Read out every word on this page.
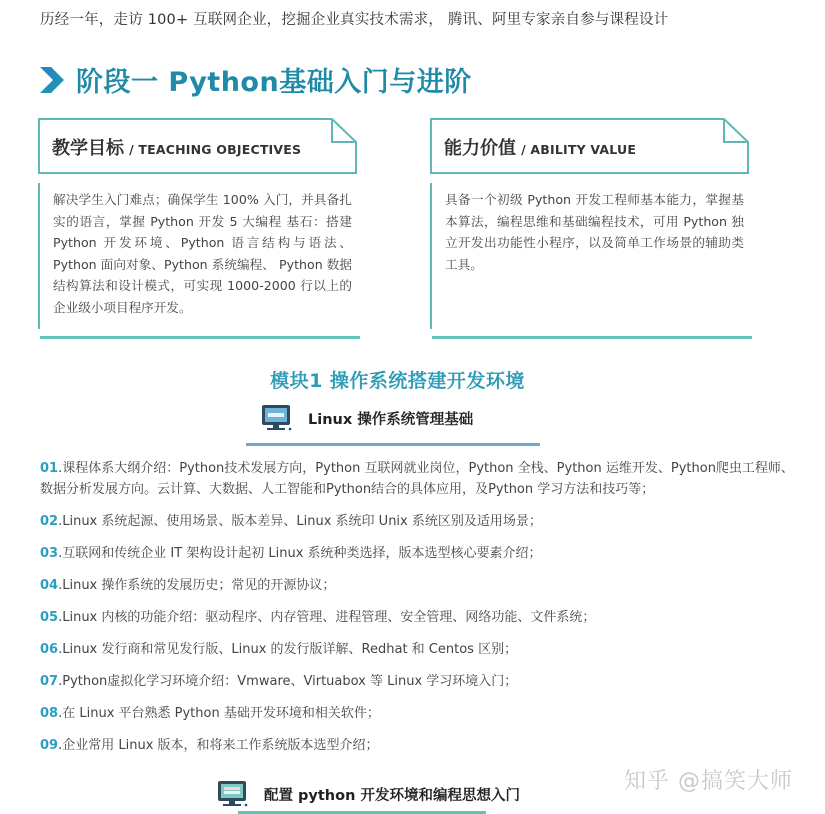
历经一年，走访 100+ 互联网企业，挖掘企业真实技术需求， 腾讯、阿里专家亲自参与课程设计
阶段一 Python基础入门与进阶
教学目标 / TEACHING OBJECTIVES
解决学生入门难点；确保学生 100% 入门，并具备扎实的语言，掌握 Python 开发 5 大编程 基石：搭建 Python 开发环境、Python 语言结构与语法、Python 面向对象、Python 系统编程、 Python 数据结构算法和设计模式，可实现 1000-2000 行以上的企业级小项目程序开发。
能力价值 / ABILITY VALUE
具备一个初级 Python 开发工程师基本能力，掌握基本算法，编程思维和基础编程技术，可用 Python 独立开发出功能性小程序，以及简单工作场景的辅助类工具。
模块1 操作系统搭建开发环境
Linux 操作系统管理基础
01.课程体系大纲介绍：Python技术发展方向，Python 互联网就业岗位，Python 全栈、Python 运维开发、Python爬虫工程师、数据分析发展方向。云计算、大数据、人工智能和Python结合的具体应用，及Python 学习方法和技巧等；
02.Linux 系统起源、使用场景、版本差异、Linux 系统印 Unix 系统区别及适用场景；
03.互联网和传统企业 IT 架构设计起初 Linux 系统种类选择，版本选型核心要素介绍；
04.Linux 操作系统的发展历史；常见的开源协议；
05.Linux 内核的功能介绍：驱动程序、内存管理、进程管理、安全管理、网络功能、文件系统；
06.Linux 发行商和常见发行版、Linux 的发行版详解、Redhat 和 Centos 区别；
07.Python虚拟化学习环境介绍：Vmware、Virtuabox 等 Linux 学习环境入门；
08.在 Linux 平台熟悉 Python 基础开发环境和相关软件；
09.企业常用 Linux 版本，和将来工作系统版本选型介绍；
配置 python 开发环境和编程思想入门
知乎 @搞笑大师
